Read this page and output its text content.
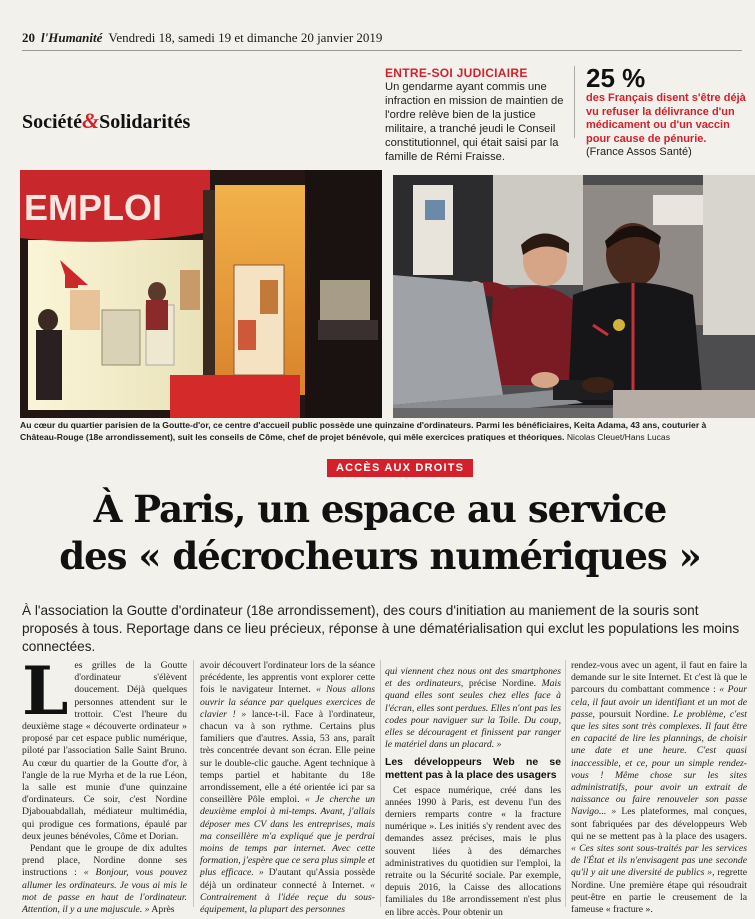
20 l'Humanité Vendredi 18, samedi 19 et dimanche 20 janvier 2019
Société&Solidarités
ENTRE-SOI JUDICIAIRE
Un gendarme ayant commis une infraction en mission de maintien de l'ordre relève bien de la justice militaire, a tranché jeudi le Conseil constitutionnel, qui était saisi par la famille de Rémi Fraisse.
25 %
des Français disent s'être déjà vu refuser la délivrance d'un médicament ou d'un vaccin pour cause de pénurie. (France Assos Santé)
EMPLOI
Au cœur du quartier parisien de la Goutte-d'or, ce centre d'accueil public possède une quinzaine d'ordinateurs. Parmi les bénéficiaires, Keita Adama, 43 ans, couturier à Château-Rouge (18e arrondissement), suit les conseils de Côme, chef de projet bénévole, qui mêle exercices pratiques et théoriques. Nicolas Cleuet/Hans Lucas
ACCÈS AUX DROITS
À Paris, un espace au service
des « décrocheurs numériques »
À l'association la Goutte d'ordinateur (18e arrondissement), des cours d'initiation au maniement de la souris sont proposés à tous. Reportage dans ce lieu précieux, réponse à une dématérialisation qui exclut les populations les moins connectées.
L es grilles de la Goutte d'ordinateur s'élèvent doucement. Déjà quelques personnes attendent sur le trottoir. C'est l'heure du deuxième stage « découverte ordinateur » proposé par cet espace public numérique, piloté par l'association Salle Saint Bruno. Au cœur du quartier de la Goutte d'or, à l'angle de la rue Myrha et de la rue Léon, la salle est munie d'une quinzaine d'ordinateurs. Ce soir, c'est Nordine Djabouabdallah, médiateur multimédia, qui prodigue ces formations, épaulé par deux jeunes bénévoles, Côme et Dorian.

Pendant que le groupe de dix adultes prend place, Nordine donne ses instructions : « Bonjour, vous pouvez allumer les ordinateurs. Je vous ai mis le mot de passe en haut de l'ordinateur. Attention, il y a une majuscule. » Après

avoir découvert l'ordinateur lors de la séance précédente, les apprentis vont explorer cette fois le navigateur Internet. « Nous allons ouvrir la séance par quelques exercices de clavier ! » lance-t-il. Face à l'ordinateur, chacun va à son rythme. Certains plus familiers que d'autres. Assia, 53 ans, paraît très concentrée devant son écran. Elle peine sur le double-clic gauche. Agent technique à temps partiel et habitante du 18e arrondissement, elle a été orientée ici par sa conseillère Pôle emploi. « Je cherche un deuxième emploi à mi-temps. Avant, j'allais déposer mes CV dans les entreprises, mais ma conseillère m'a expliqué que je perdrai moins de temps par internet. Avec cette formation, j'espère que ce sera plus simple et plus efficace. » D'autant qu'Assia possède déjà un ordinateur connecté à Internet. « Contrairement à l'idée reçue du sous-équipement, la plupart des personnes
qui viennent chez nous ont des smartphones et des ordinateurs, précise Nordine. Mais quand elles sont seules chez elles face à l'écran, elles sont perdues. Elles n'ont pas les codes pour naviguer sur la Toile. Du coup, elles se découragent et finissent par ranger le matériel dans un placard. »
Les développeurs Web ne se mettent pas à la place des usagers

Cet espace numérique, créé dans les années 1990 à Paris, est devenu l'un des derniers remparts contre « la fracture numérique ». Les initiés s'y rendent avec des demandes assez précises, mais le plus souvent liées à des démarches administratives du quotidien sur l'emploi, la retraite ou la Sécurité sociale. Par exemple, depuis 2016, la Caisse des allocations familiales du 18e arrondissement n'est plus en libre accès. Pour obtenir un

rendez-vous avec un agent, il faut en faire la demande sur le site Internet. Et c'est là que le parcours du combattant commence : « Pour cela, il faut avoir un identifiant et un mot de passe, poursuit Nordine. Le problème, c'est que les sites sont très complexes. Il faut être en capacité de lire les plannings, de choisir une date et une heure. C'est quasi inaccessible, et ce, pour un simple rendez-vous ! Même chose sur les sites administratifs, pour avoir un extrait de naissance ou faire renouveler son passe Navigo... » Les plateformes, mal conçues, sont fabriquées par des développeurs Web qui ne se mettent pas à la place des usagers. « Ces sites sont sous-traités par les services de l'État et ils n'envisagent pas une seconde qu'il y ait une diversité de publics », regrette Nordine. Une première étape qui résoudrait peut-être en partie le creusement de la fameuse « fracture ».
